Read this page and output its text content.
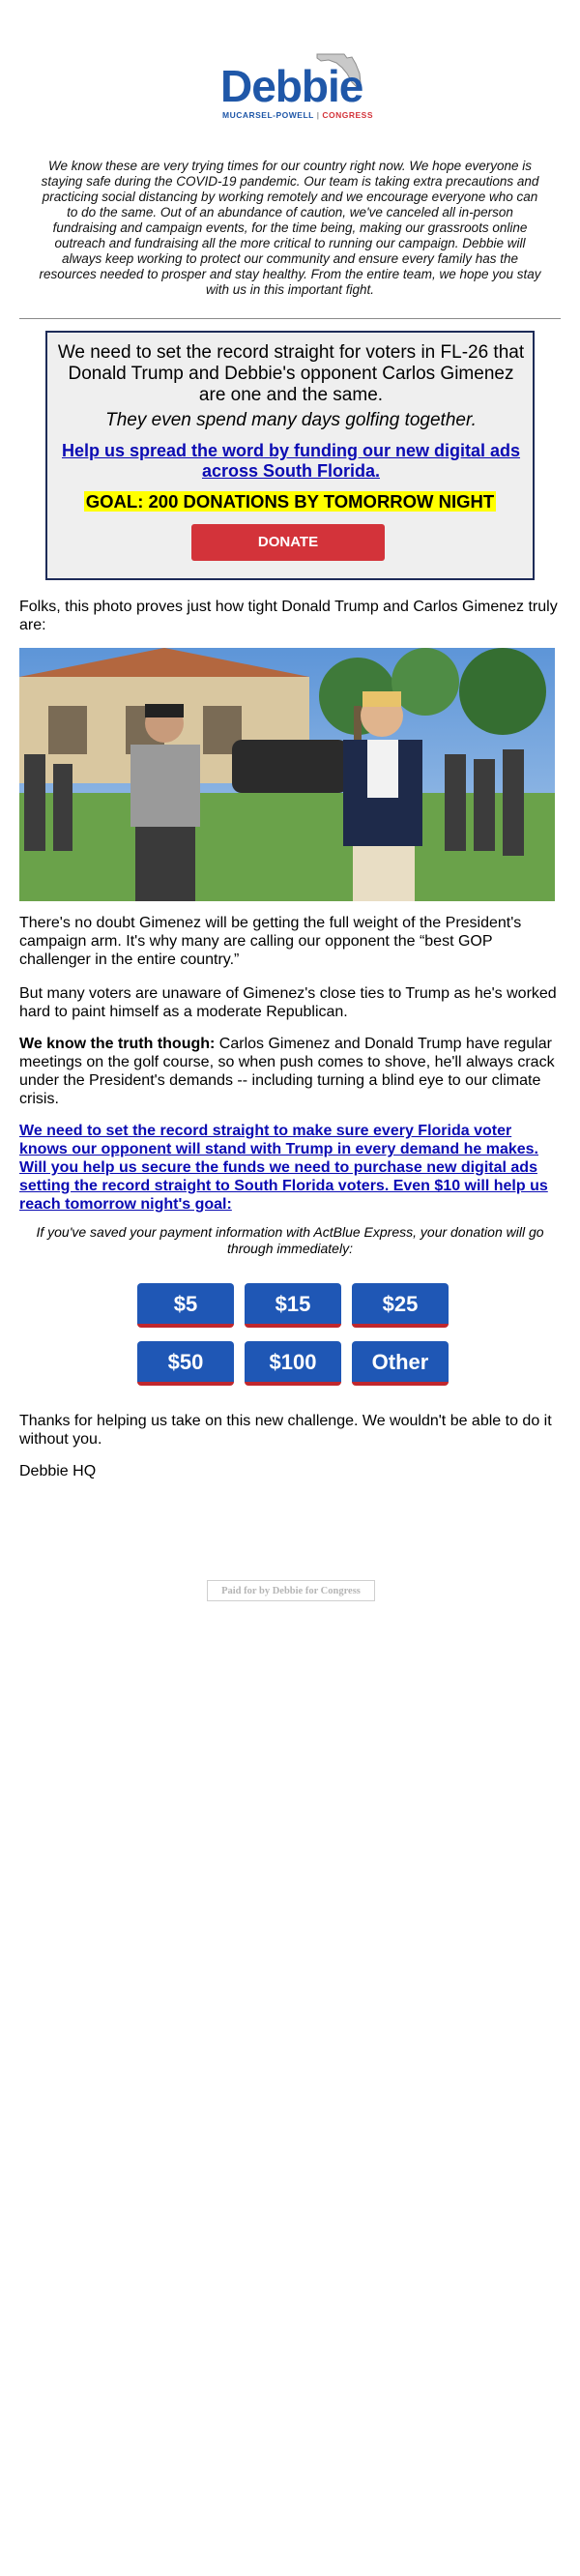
Debbie
MUCARSEL-POWELL | CONGRESS
We know these are very trying times for our country right now. We hope everyone is staying safe during the COVID-19 pandemic. Our team is taking extra precautions and practicing social distancing by working remotely and we encourage everyone who can to do the same. Out of an abundance of caution, we've canceled all in-person fundraising and campaign events, for the time being, making our grassroots online outreach and fundraising all the more critical to running our campaign. Debbie will always keep working to protect our community and ensure every family has the resources needed to prosper and stay healthy. From the entire team, we hope you stay with us in this important fight.
We need to set the record straight for voters in FL-26 that Donald Trump and Debbie's opponent Carlos Gimenez are one and the same.
They even spend many days golfing together.
Help us spread the word by funding our new digital ads across South Florida.
GOAL: 200 DONATIONS BY TOMORROW NIGHT
DONATE
Folks, this photo proves just how tight Donald Trump and Carlos Gimenez truly are:
There's no doubt Gimenez will be getting the full weight of the President's campaign arm. It's why many are calling our opponent the “best GOP challenger in the entire country.”
But many voters are unaware of Gimenez's close ties to Trump as he's worked hard to paint himself as a moderate Republican.
We know the truth though: Carlos Gimenez and Donald Trump have regular meetings on the golf course, so when push comes to shove, he'll always crack under the President's demands -- including turning a blind eye to our climate crisis.
We need to set the record straight to make sure every Florida voter knows our opponent will stand with Trump in every demand he makes. Will you help us secure the funds we need to purchase new digital ads setting the record straight to South Florida voters. Even $10 will help us reach tomorrow night's goal:
If you've saved your payment information with ActBlue Express, your donation will go through immediately:
$5	$15	$25
$50	$100	Other
Thanks for helping us take on this new challenge. We wouldn't be able to do it without you.
Debbie HQ
Paid for by Debbie for Congress
